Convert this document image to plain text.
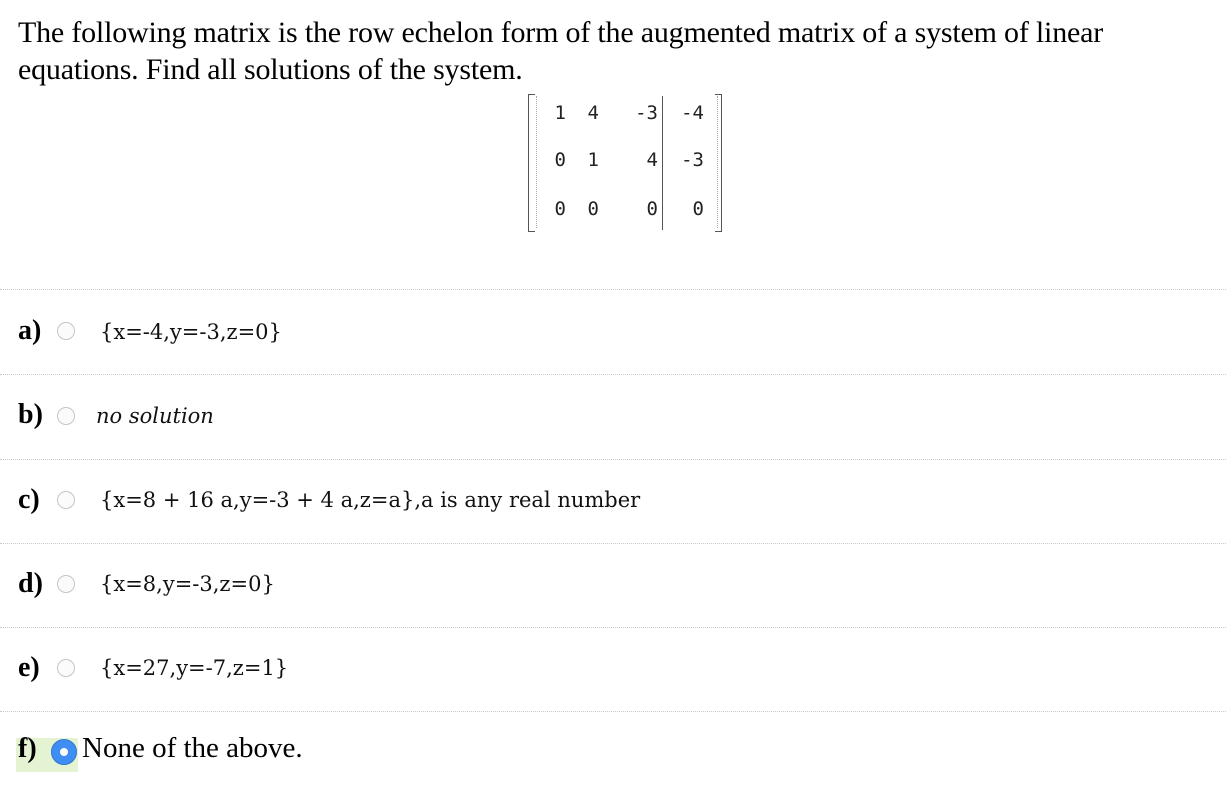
The following matrix is the row echelon form of the augmented matrix of a system of linear equations. Find all solutions of the system.
1	4	-3	-4
0	1	4	-3
0	0	0	0
a)	{x=-4,y=-3,z=0}
b)	no solution
c)	{x=8 + 16 a,y=-3 + 4 a,z=a},a is any real number
d)	{x=8,y=-3,z=0}
e)	{x=27,y=-7,z=1}
f) None of the above.
